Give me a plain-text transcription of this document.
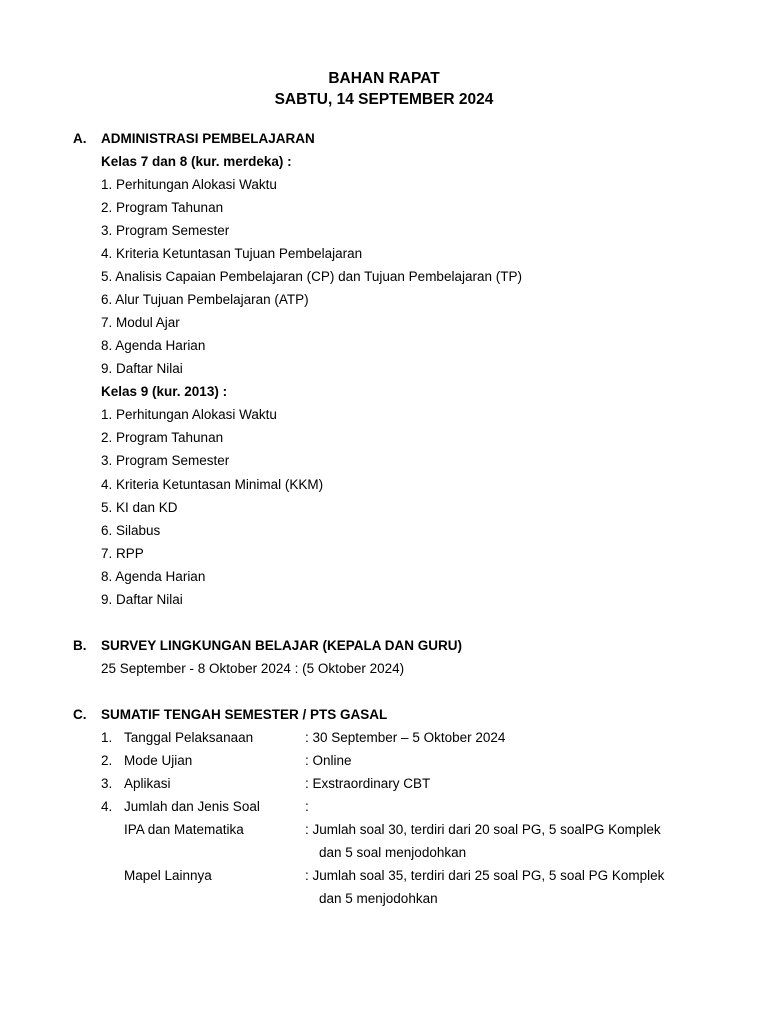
BAHAN RAPAT
SABTU, 14 SEPTEMBER 2024
A. ADMINISTRASI PEMBELAJARAN
Kelas 7 dan 8 (kur. merdeka) :
1. Perhitungan Alokasi Waktu
2. Program Tahunan
3. Program Semester
4. Kriteria Ketuntasan Tujuan Pembelajaran
5. Analisis Capaian Pembelajaran (CP) dan Tujuan Pembelajaran (TP)
6. Alur Tujuan Pembelajaran (ATP)
7. Modul Ajar
8. Agenda Harian
9. Daftar Nilai
Kelas 9 (kur. 2013) :
1. Perhitungan Alokasi Waktu
2. Program Tahunan
3. Program Semester
4. Kriteria Ketuntasan Minimal (KKM)
5. KI dan KD
6. Silabus
7. RPP
8. Agenda Harian
9. Daftar Nilai
B. SURVEY LINGKUNGAN BELAJAR (KEPALA DAN GURU)
25 September - 8 Oktober 2024 : (5 Oktober 2024)
C. SUMATIF TENGAH SEMESTER / PTS GASAL
1. Tanggal Pelaksanaan	: 30 September – 5 Oktober 2024
2. Mode Ujian	: Online
3. Aplikasi	: Exstraordinary CBT
4. Jumlah dan Jenis Soal	:
IPA dan Matematika	: Jumlah soal 30, terdiri dari 20 soal PG, 5 soalPG Komplek
dan 5 soal menjodohkan
Mapel Lainnya	: Jumlah soal 35, terdiri dari 25 soal PG, 5 soal PG Komplek
dan 5 menjodohkan
